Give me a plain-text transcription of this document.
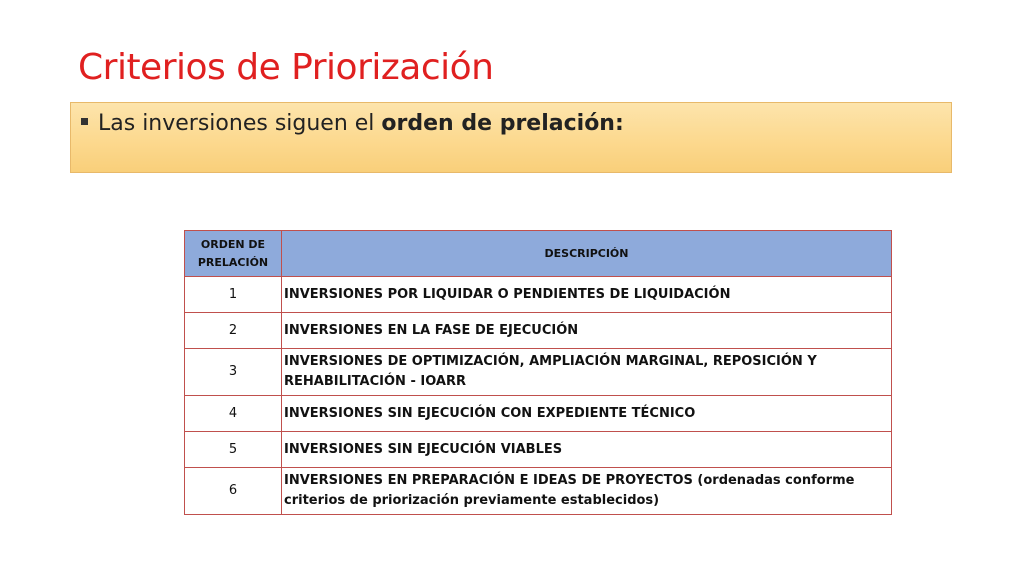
Criterios de Priorización
Las inversiones siguen el orden de prelación:
ORDEN DE PRELACIÓN	DESCRIPCIÓN
1	INVERSIONES POR LIQUIDAR O PENDIENTES DE LIQUIDACIÓN
2	INVERSIONES EN LA FASE DE EJECUCIÓN
3	INVERSIONES DE OPTIMIZACIÓN, AMPLIACIÓN MARGINAL, REPOSICIÓN Y REHABILITACIÓN - IOARR
4	INVERSIONES SIN EJECUCIÓN CON EXPEDIENTE TÉCNICO
5	INVERSIONES SIN EJECUCIÓN VIABLES
6	INVERSIONES EN PREPARACIÓN E IDEAS DE PROYECTOS (ordenadas conforme criterios de priorización previamente establecidos)
